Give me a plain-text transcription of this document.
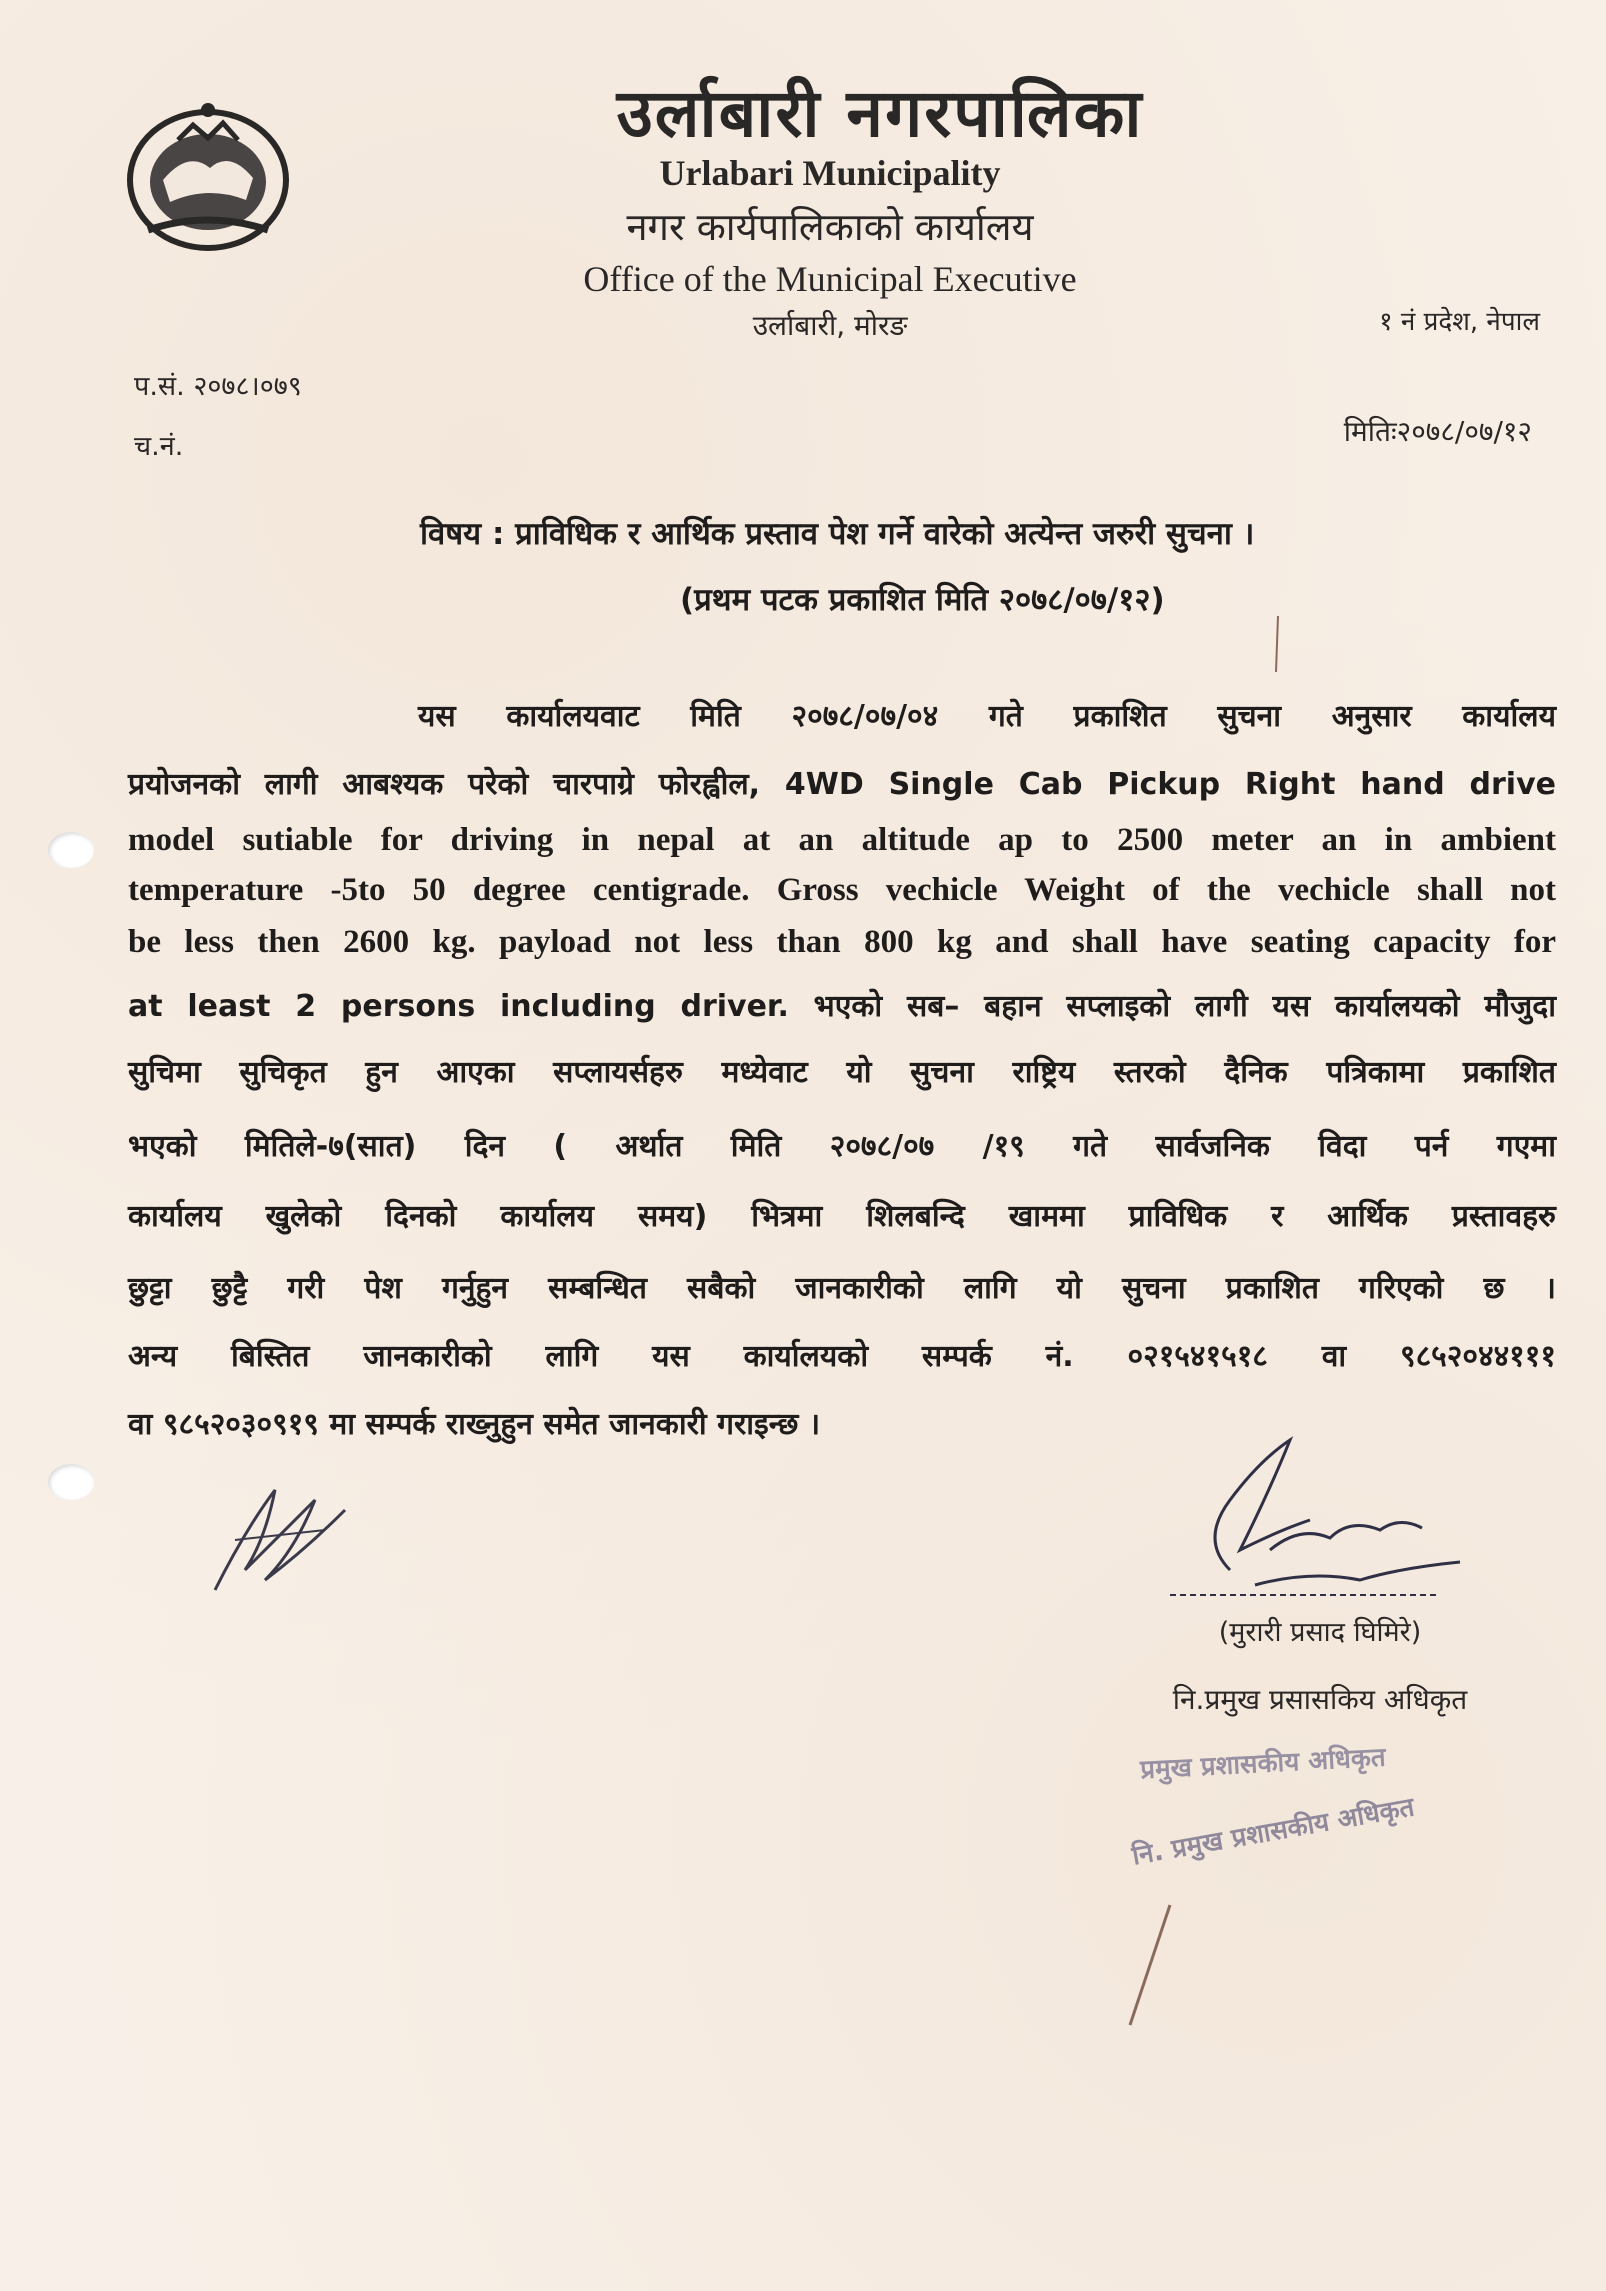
उर्लाबारी नगरपालिका
Urlabari Municipality
नगर कार्यपालिकाको कार्यालय
Office of the Municipal Executive
उर्लाबारी, मोरङ	१ नं प्रदेश, नेपाल
प.सं. २०७८।०७९
च.नं.	मितिः२०७८/०७/१२
विषय : प्राविधिक र आर्थिक प्रस्ताव पेश गर्ने वारेको अत्येन्त जरुरी सुचना ।
(प्रथम पटक प्रकाशित मिति २०७८/०७/१२)
यस कार्यालयवाट मिति २०७८/०७/०४ गते प्रकाशित सुचना अनुसार कार्यालय
प्रयोजनको लागी आबश्यक परेको चारपाग्रे फोरह्वील, 4WD Single Cab Pickup Right hand drive
model sutiable for driving in nepal at an altitude ap to 2500 meter an in ambient
temperature -5to 50 degree centigrade. Gross vechicle Weight of the vechicle shall not
be less then 2600 kg. payload not less than 800 kg and shall have seating capacity for
at least 2 persons including driver. भएको सब– बहान सप्लाइको लागी यस कार्यालयको मौजुदा
सुचिमा सुचिकृत हुन आएका सप्लायर्सहरु मध्येवाट यो सुचना राष्ट्रिय स्तरको दैनिक पत्रिकामा प्रकाशित
भएको मितिले-७(सात) दिन ( अर्थात मिति २०७८/०७ /१९ गते सार्वजनिक विदा पर्न गएमा
कार्यालय खुलेको दिनको कार्यालय समय) भित्रमा शिलबन्दि खाममा प्राविधिक र आर्थिक प्रस्तावहरु
छुट्टा छुट्टै गरी पेश गर्नुहुन सम्बन्धित सबैको जानकारीको लागि यो सुचना प्रकाशित गरिएको छ ।
अन्य बिस्तित जानकारीको लागि यस कार्यालयको सम्पर्क नं. ०२१५४१५१८ वा ९८५२०४४१११
वा ९८५२०३०९१९ मा सम्पर्क राख्नुहुन समेत जानकारी गराइन्छ ।
(मुरारी प्रसाद घिमिरे)
नि.प्रमुख प्रसासकिय अधिकृत
प्रमुख प्रशासकीय अधिकृत
नि. प्रमुख प्रशासकीय अधिकृत
